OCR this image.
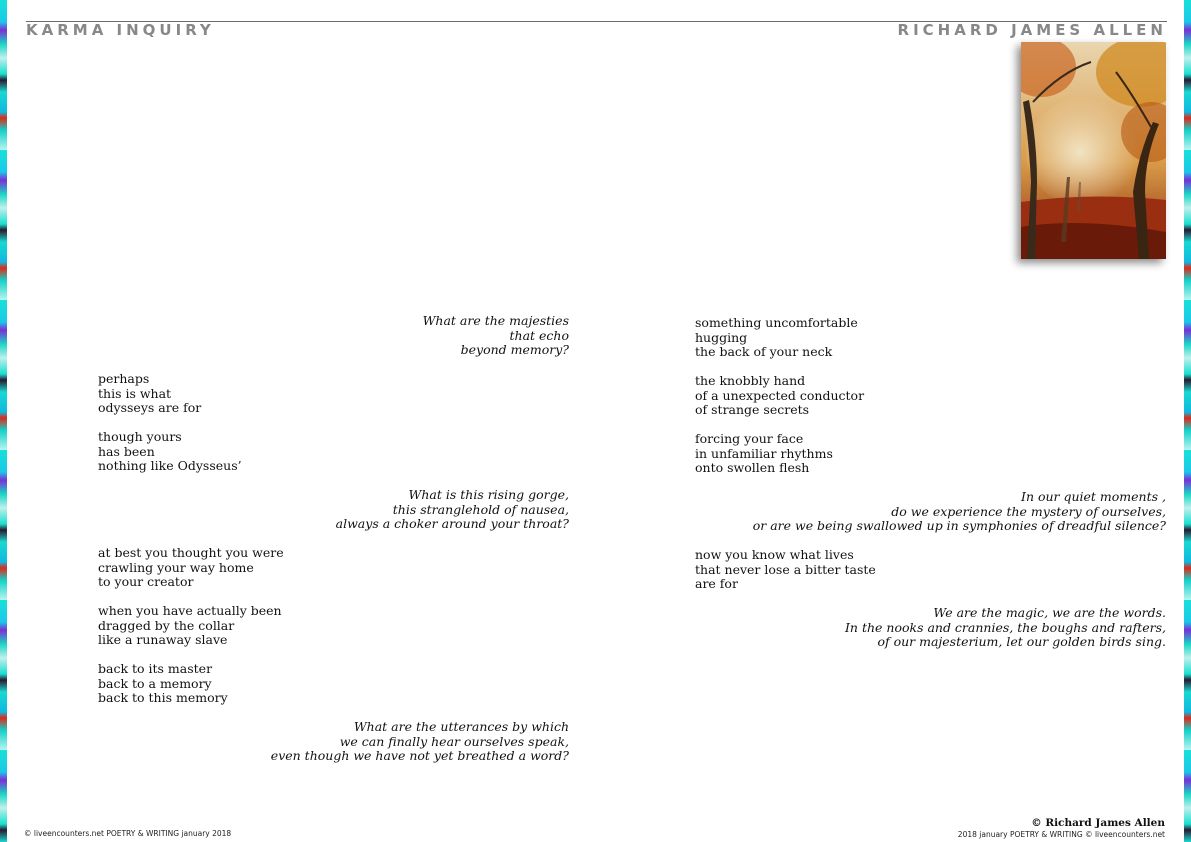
KARMA INQUIRY	RICHARD JAMES ALLEN
What are the majesties
that echo
beyond memory?
perhaps
this is what
odysseys are for
though yours
has been
nothing like Odysseus’
What is this rising gorge,
this stranglehold of nausea,
always a choker around your throat?
at best you thought you were
crawling your way home
to your creator
when you have actually been
dragged by the collar
like a runaway slave
back to its master
back to a memory
back to this memory
What are the utterances by which
we can finally hear ourselves speak,
even though we have not yet breathed a word?
something uncomfortable
hugging
the back of your neck
the knobbly hand
of a unexpected conductor
of strange secrets
forcing your face
in unfamiliar rhythms
onto swollen flesh
In our quiet moments ,
do we experience the mystery of ourselves,
or are we being swallowed up in symphonies of dreadful silence?
now you know what lives
that never lose a bitter taste
are for
We are the magic, we are the words.
In the nooks and crannies, the boughs and rafters,
of our majesterium, let our golden birds sing.
© liveencounters.net POETRY & WRITING january 2018
© Richard James Allen
2018 january POETRY & WRITING © liveencounters.net
